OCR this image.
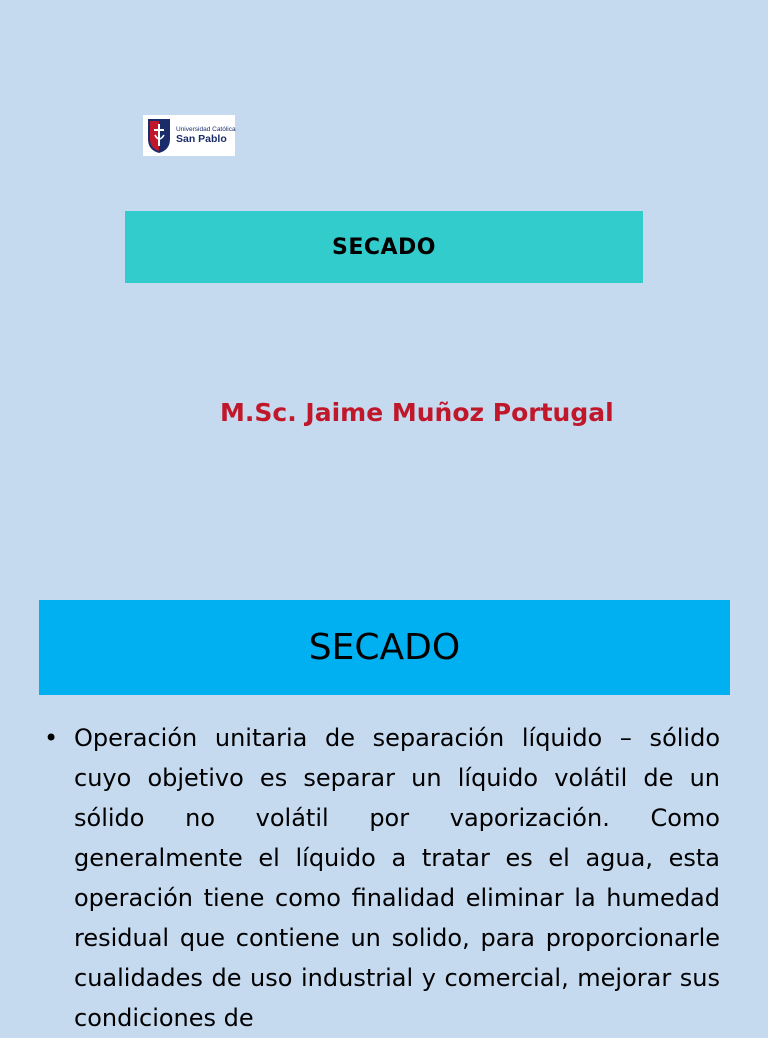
Universidad Católica
San Pablo
SECADO
M.Sc. Jaime Muñoz Portugal
SECADO
• Operación unitaria de separación líquido – sólido cuyo objetivo es separar un líquido volátil de un sólido no volátil por vaporización. Como generalmente el líquido a tratar es el agua, esta operación tiene como finalidad eliminar la humedad residual que contiene un solido, para proporcionarle cualidades de uso industrial y comercial, mejorar sus condiciones de
